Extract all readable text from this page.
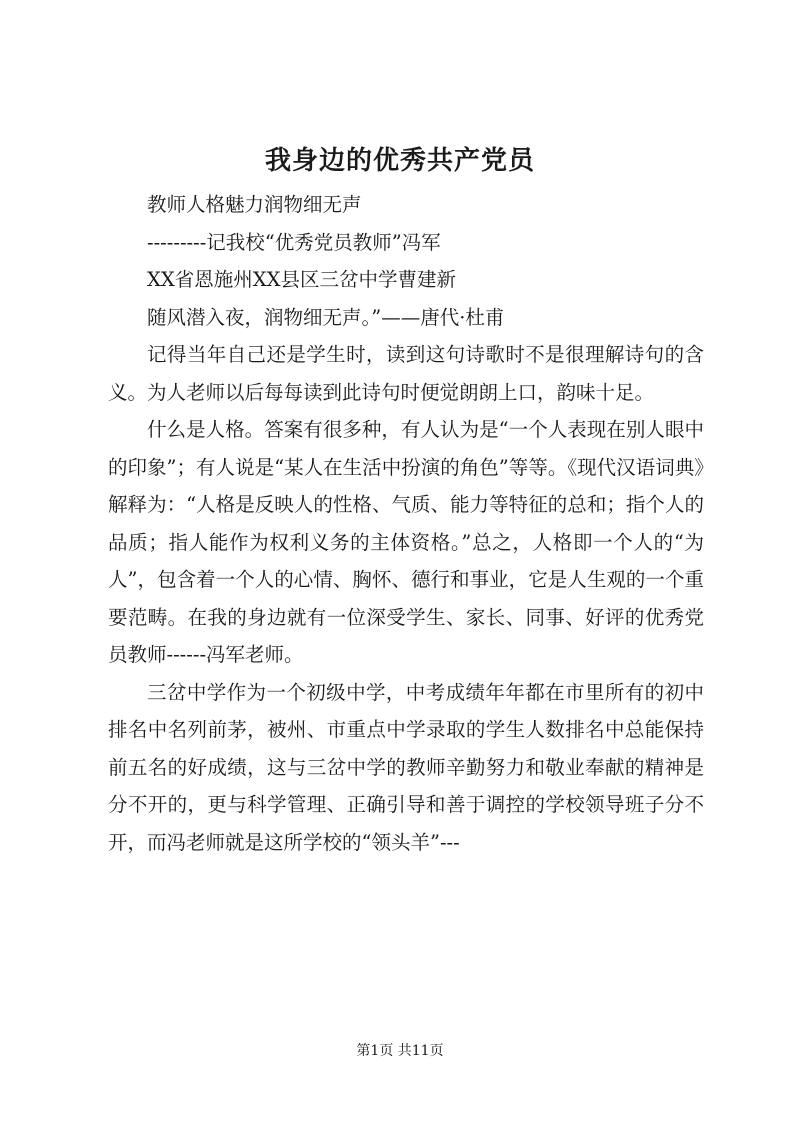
我身边的优秀共产党员

教师人格魅力润物细无声

---------记我校“优秀党员教师”冯军

XX省恩施州XX县区三岔中学曹建新

随风潜入夜，润物细无声。”——唐代·杜甫

记得当年自己还是学生时，读到这句诗歌时不是很理解诗句的含义。为人老师以后每每读到此诗句时便觉朗朗上口，韵味十足。

什么是人格。答案有很多种，有人认为是“一个人表现在别人眼中的印象”；有人说是“某人在生活中扮演的角色”等等。《现代汉语词典》解释为：“人格是反映人的性格、气质、能力等特征的总和；指个人的品质；指人能作为权利义务的主体资格。”总之，人格即一个人的“为人”，包含着一个人的心情、胸怀、德行和事业，它是人生观的一个重要范畴。在我的身边就有一位深受学生、家长、同事、好评的优秀党员教师------冯军老师。

三岔中学作为一个初级中学，中考成绩年年都在市里所有的初中排名中名列前茅，被州、市重点中学录取的学生人数排名中总能保持前五名的好成绩，这与三岔中学的教师辛勤努力和敬业奉献的精神是分不开的，更与科学管理、正确引导和善于调控的学校领导班子分不开，而冯老师就是这所学校的“领头羊”---

第1页 共11页
